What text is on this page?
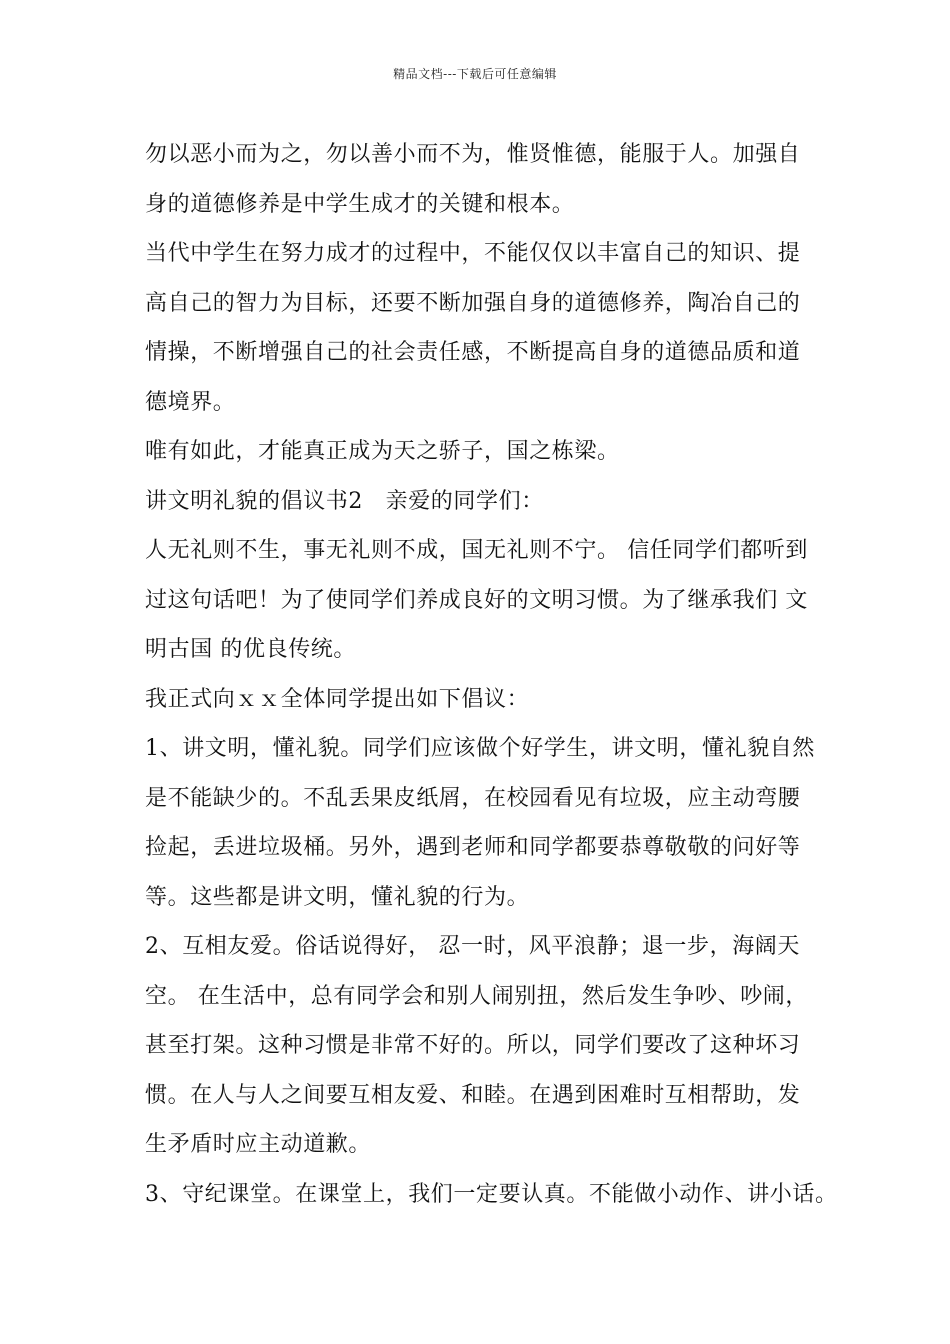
精品文档---下载后可任意编辑
勿以恶小而为之，勿以善小而不为，惟贤惟德，能服于人。加强自
身的道德修养是中学生成才的关键和根本。
当代中学生在努力成才的过程中，不能仅仅以丰富自己的知识、提
高自己的智力为目标，还要不断加强自身的道德修养，陶冶自己的
情操，不断增强自己的社会责任感，不断提高自身的道德品质和道
德境界。
唯有如此，才能真正成为天之骄子，国之栋梁。
讲文明礼貌的倡议书2　亲爱的同学们：
人无礼则不生，事无礼则不成，国无礼则不宁。 信任同学们都听到
过这句话吧！为了使同学们养成良好的文明习惯。为了继承我们 文
明古国 的优良传统。
我正式向ｘｘ全体同学提出如下倡议：
1、讲文明，懂礼貌。同学们应该做个好学生，讲文明，懂礼貌自然
是不能缺少的。不乱丢果皮纸屑，在校园看见有垃圾，应主动弯腰
捡起，丢进垃圾桶。另外，遇到老师和同学都要恭尊敬敬的问好等
等。这些都是讲文明，懂礼貌的行为。
2、互相友爱。俗话说得好， 忍一时，风平浪静；退一步，海阔天
空。 在生活中，总有同学会和别人闹别扭，然后发生争吵、吵闹，
甚至打架。这种习惯是非常不好的。所以，同学们要改了这种坏习
惯。在人与人之间要互相友爱、和睦。在遇到困难时互相帮助，发
生矛盾时应主动道歉。
3、守纪课堂。在课堂上，我们一定要认真。不能做小动作、讲小话。
